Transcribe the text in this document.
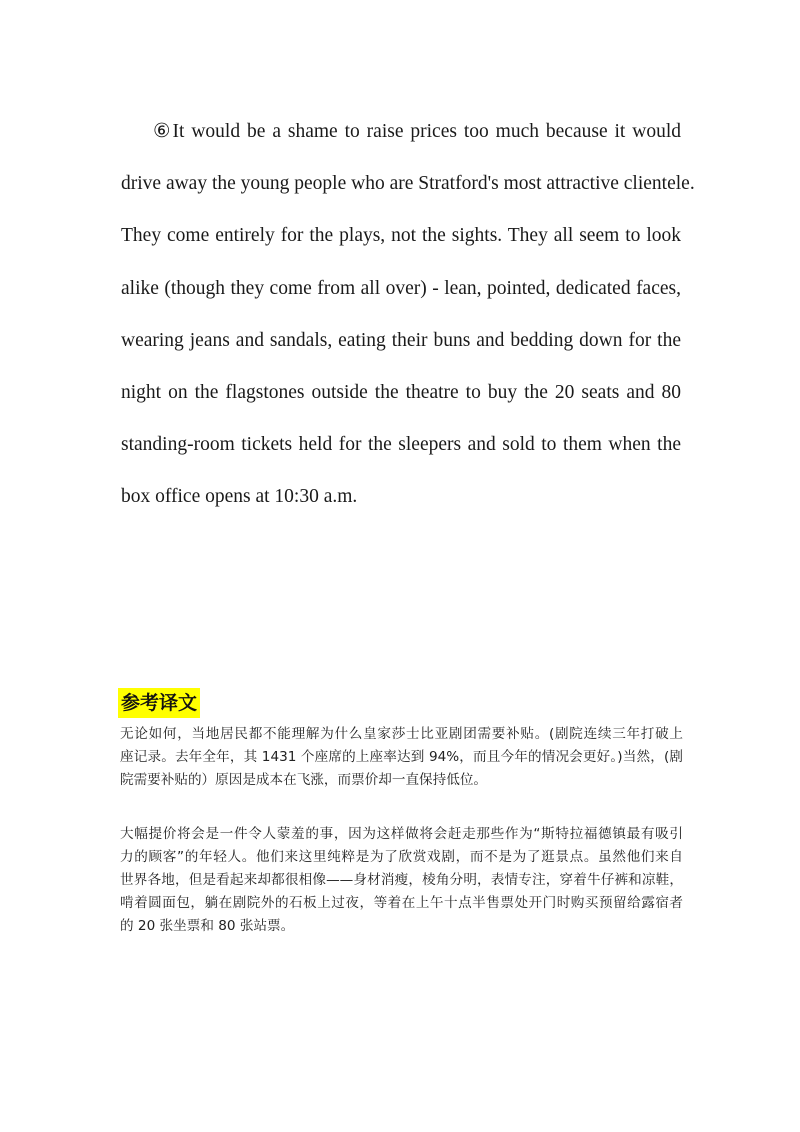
⑥It would be a shame to raise prices too much because it would
drive away the young people who are Stratford's most attractive clientele.
They come entirely for the plays, not the sights. They all seem to look
alike (though they come from all over) - lean, pointed, dedicated faces,
wearing jeans and sandals, eating their buns and bedding down for the
night on the flagstones outside the theatre to buy the 20 seats and 80
standing-room tickets held for the sleepers and sold to them when the
box office opens at 10:30 a.m.
参考译文
无论如何，当地居民都不能理解为什么皇家莎士比亚剧团需要补贴。(剧院连续三年打破上
座记录。去年全年，其 1431 个座席的上座率达到 94%，而且今年的情况会更好。)当然，(剧
院需要补贴的）原因是成本在飞涨，而票价却一直保持低位。
大幅提价将会是一件令人蒙羞的事，因为这样做将会赶走那些作为“斯特拉福德镇最有吸引
力的顾客”的年轻人。他们来这里纯粹是为了欣赏戏剧，而不是为了逛景点。虽然他们来自
世界各地，但是看起来却都很相像——身材消瘦，棱角分明，表情专注，穿着牛仔裤和凉鞋，
啃着圆面包，躺在剧院外的石板上过夜，等着在上午十点半售票处开门时购买预留给露宿者
的 20 张坐票和 80 张站票。
